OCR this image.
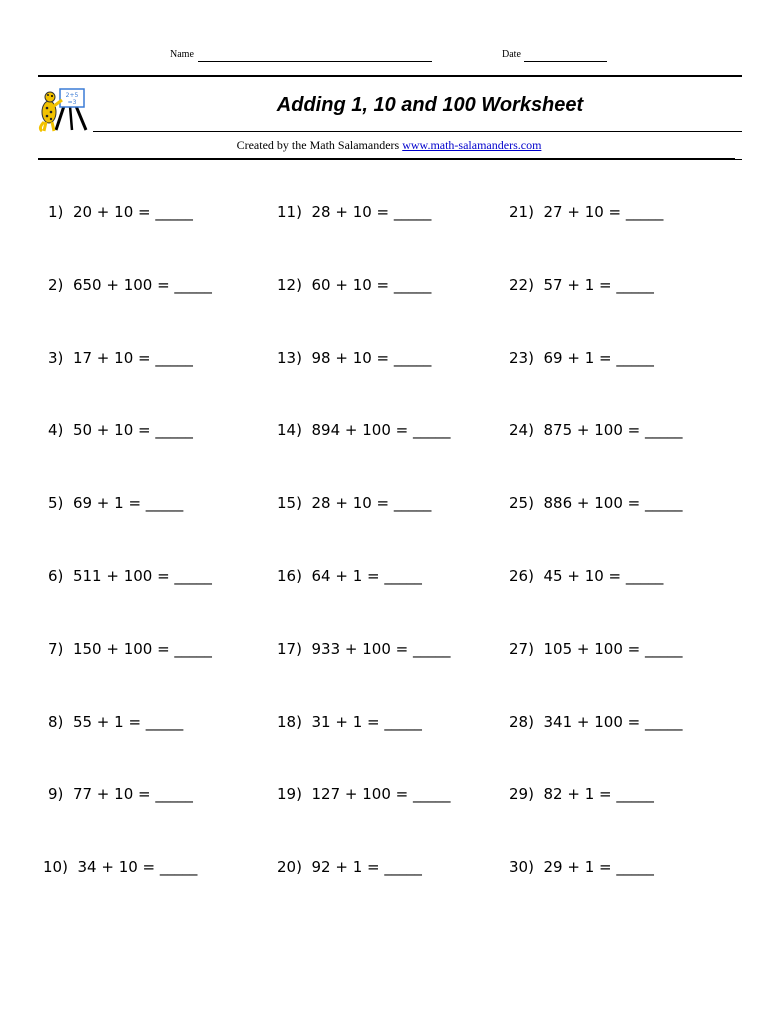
Name	Date
2+5
=3	Adding 1, 10 and 100 Worksheet
Created by the Math Salamanders www.math-salamanders.com
1) 20 + 10 = _____
2) 650 + 100 = _____
3) 17 + 10 = _____
4) 50 + 10 = _____
5) 69 + 1 = _____
6) 511 + 100 = _____
7) 150 + 100 = _____
8) 55 + 1 = _____
9) 77 + 10 = _____
10) 34 + 10 = _____
11) 28 + 10 = _____
12) 60 + 10 = _____
13) 98 + 10 = _____
14) 894 + 100 = _____
15) 28 + 10 = _____
16) 64 + 1 = _____
17) 933 + 100 = _____
18) 31 + 1 = _____
19) 127 + 100 = _____
20) 92 + 1 = _____
21) 27 + 10 = _____
22) 57 + 1 = _____
23) 69 + 1 = _____
24) 875 + 100 = _____
25) 886 + 100 = _____
26) 45 + 10 = _____
27) 105 + 100 = _____
28) 341 + 100 = _____
29) 82 + 1 = _____
30) 29 + 1 = _____
